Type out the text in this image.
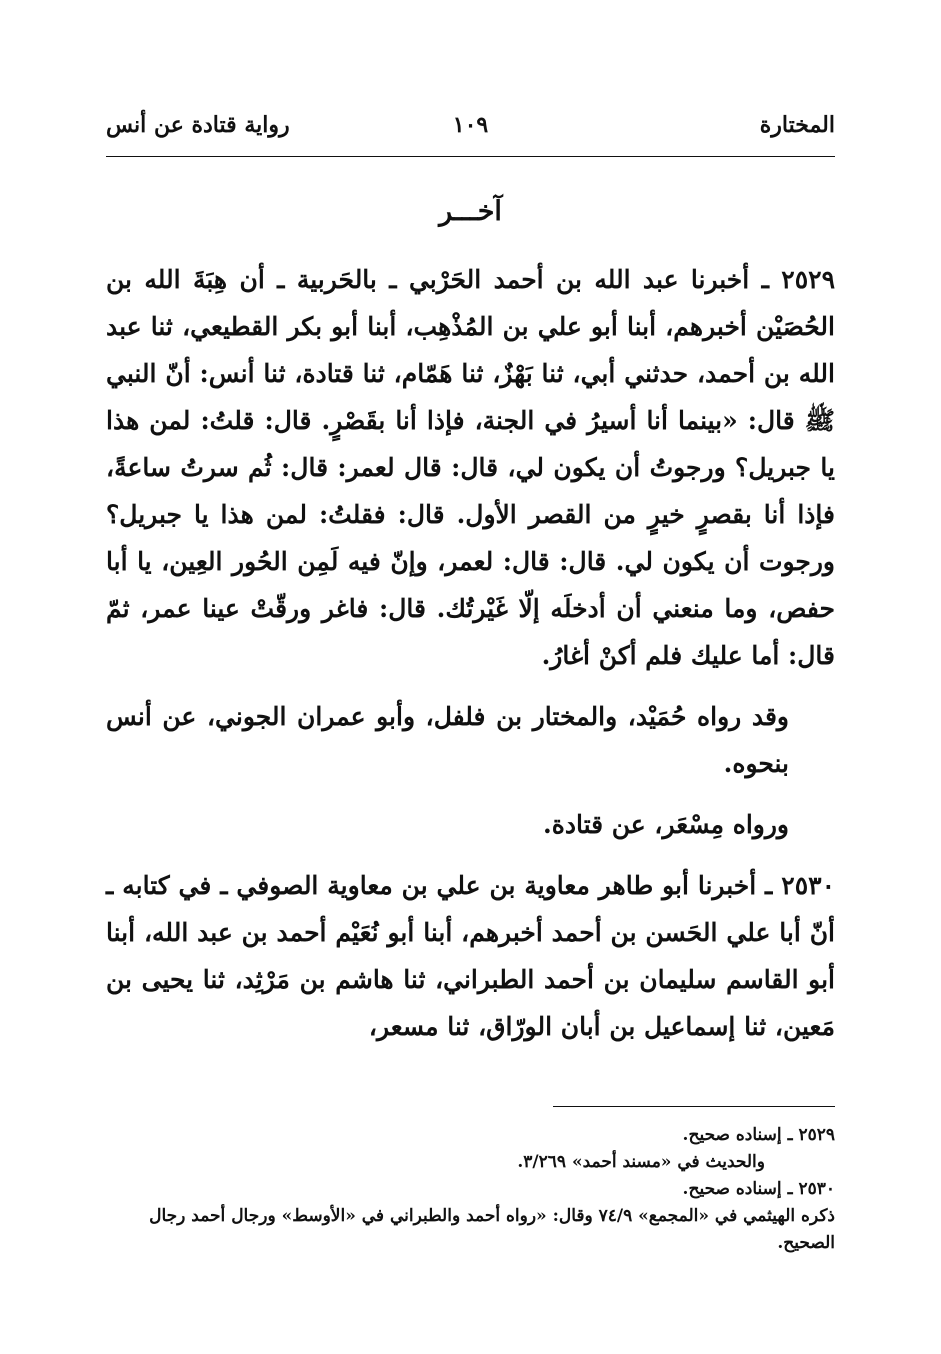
المختارة
١٠٩
رواية قتادة عن أنس
آخـــر

٢٥٢٩ ـ أخبرنا عبد الله بن أحمد الحَرْبي ـ بالحَربية ـ أن هِبَةَ الله بن الحُصَيْن أخبرهم، أبنا أبو علي بن المُذْهِب، أبنا أبو بكر القطيعي، ثنا عبد الله بن أحمد، حدثني أبي، ثنا بَهْزٌ، ثنا هَمّام، ثنا قتادة، ثنا أنس: أنّ النبي ﷺ قال: «بينما أنا أسيرُ في الجنة، فإذا أنا بقَصْرٍ. قال: قلتُ: لمن هذا يا جبريل؟ ورجوتُ أن يكون لي، قال: قال لعمر: قال: ثُم سرتُ ساعةً، فإذا أنا بقصرٍ خيرٍ من القصر الأول. قال: فقلتُ: لمن هذا يا جبريل؟ ورجوت أن يكون لي. قال: قال: لعمر، وإنّ فيه لَمِن الحُور العِين، يا أبا حفص، وما منعني أن أدخلَه إلّا غَيْرتُك. قال: فاغر ورقّتْ عينا عمر، ثمّ قال: أما عليك فلم أكنْ أغارُ.

وقد رواه حُمَيْد، والمختار بن فلفل، وأبو عمران الجوني، عن أنس بنحوه.

ورواه مِسْعَر، عن قتادة.

٢٥٣٠ ـ أخبرنا أبو طاهر معاوية بن علي بن معاوية الصوفي ـ في كتابه ـ أنّ أبا علي الحَسن بن أحمد أخبرهم، أبنا أبو نُعَيْم أحمد بن عبد الله، أبنا أبو القاسم سليمان بن أحمد الطبراني، ثنا هاشم بن مَرْثِد، ثنا يحيى بن مَعين، ثنا إسماعيل بن أبان الورّاق، ثنا مسعر،

٢٥٢٩ ـ إسناده صحيح.
والحديث في «مسند أحمد» ٣/٢٦٩.
٢٥٣٠ ـ إسناده صحيح.
ذكره الهيثمي في «المجمع» ٧٤/٩ وقال: «رواه أحمد والطبراني في «الأوسط» ورجال أحمد رجال الصحيح.
